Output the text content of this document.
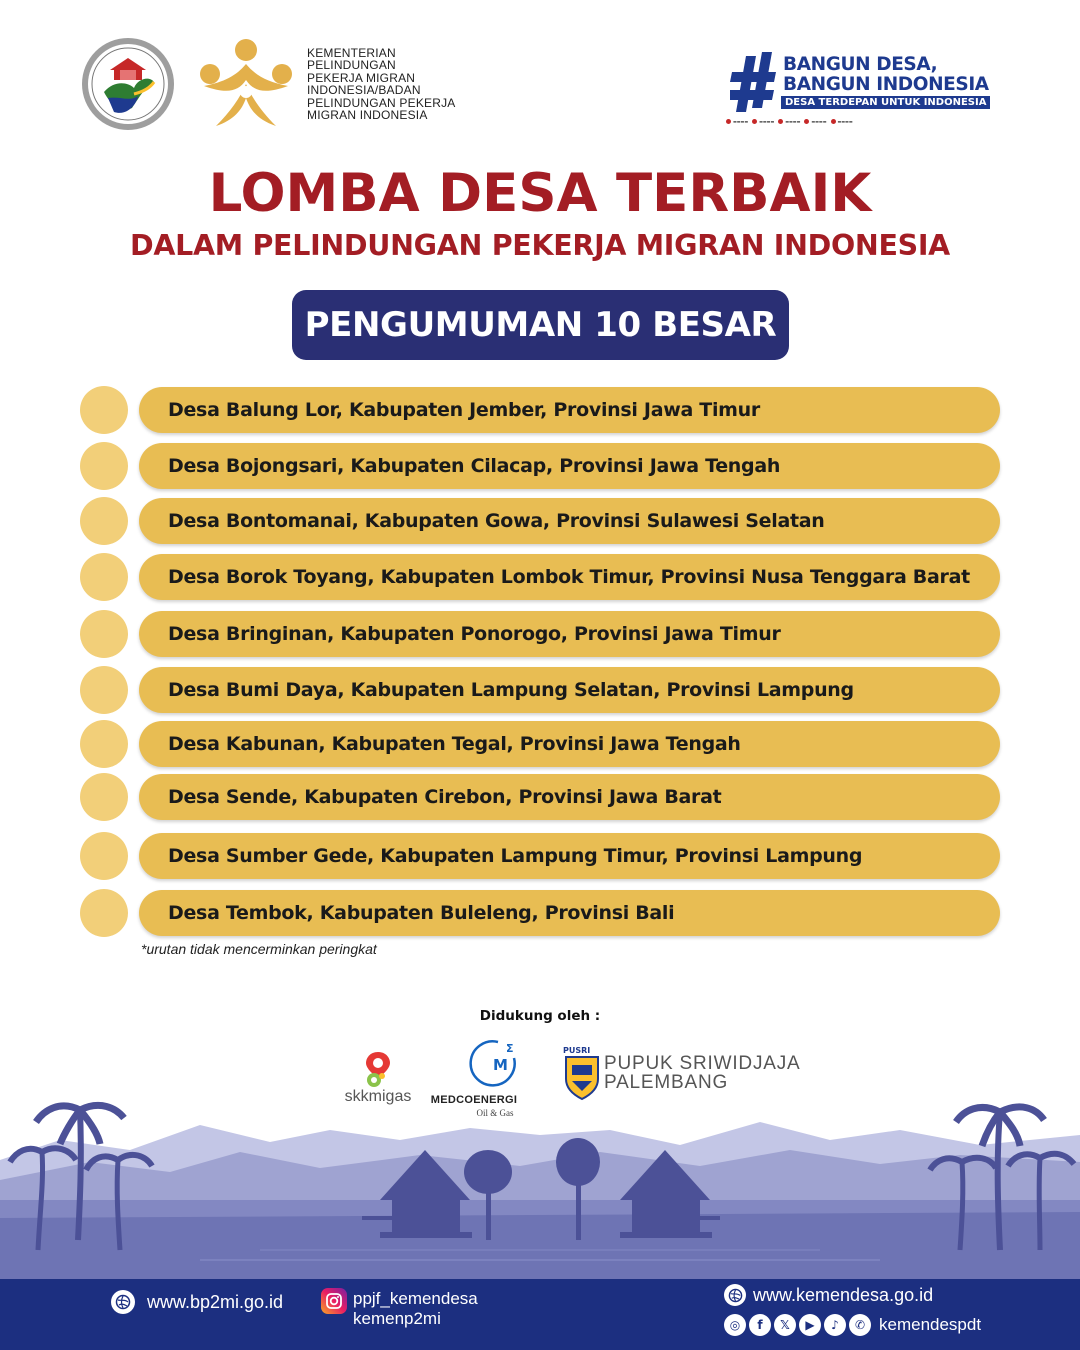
KEMENTERIAN
PELINDUNGAN
PEKERJA MIGRAN
INDONESIA/BADAN
PELINDUNGAN PEKERJA
MIGRAN INDONESIA
BANGUN DESA,
BANGUN INDONESIA
DESA TERDEPAN UNTUK INDONESIA
▬▬▬▬	▬▬▬▬	▬▬▬▬	▬▬▬▬	▬▬▬▬
LOMBA DESA TERBAIK
DALAM PELINDUNGAN PEKERJA MIGRAN INDONESIA
PENGUMUMAN 10 BESAR
Desa Balung Lor, Kabupaten Jember, Provinsi Jawa Timur
Desa Bojongsari, Kabupaten Cilacap, Provinsi Jawa Tengah
Desa Bontomanai, Kabupaten Gowa, Provinsi Sulawesi Selatan
Desa Borok Toyang, Kabupaten Lombok Timur, Provinsi Nusa Tenggara Barat
Desa Bringinan, Kabupaten Ponorogo, Provinsi Jawa Timur
Desa Bumi Daya, Kabupaten Lampung Selatan, Provinsi Lampung
Desa Kabunan, Kabupaten Tegal, Provinsi Jawa Tengah
Desa Sende, Kabupaten Cirebon, Provinsi Jawa Barat
Desa Sumber Gede, Kabupaten Lampung Timur, Provinsi Lampung
Desa Tembok, Kabupaten Buleleng, Provinsi Bali
*urutan tidak mencerminkan peringkat
Didukung oleh :
skkmigas
M
Σ
MEDCOENERGI
Oil & Gas
PUSRI
PUPUK SRIWIDJAJA
PALEMBANG
www.bp2mi.go.id	ppjf_kemendesa
kemenp2mi
www.kemendesa.go.id
◎	f	𝕏	▶	♪	✆ kemendespdt
